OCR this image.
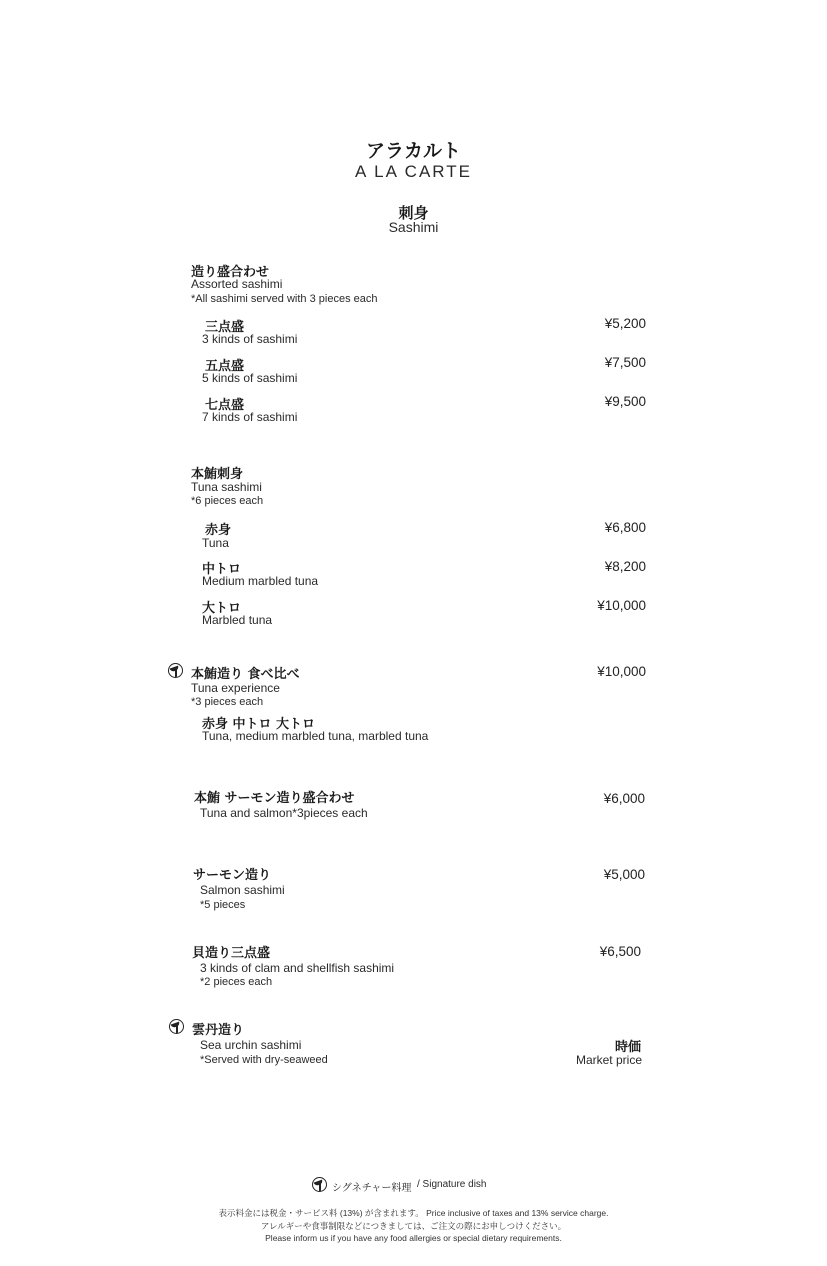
アラカルト
A LA CARTE
刺身
Sashimi
造り盛合わせ
Assorted sashimi
*All sashimi served with 3 pieces each
三点盛
3 kinds of sashimi
¥5,200
五点盛
5 kinds of sashimi
¥7,500
七点盛
7 kinds of sashimi
¥9,500
本鮪刺身
Tuna sashimi
*6 pieces each
赤身
Tuna
¥6,800
中トロ
Medium marbled tuna
¥8,200
大トロ
Marbled tuna
¥10,000
本鮪造り 食べ比べ
Tuna experience
*3 pieces each
赤身 中トロ 大トロ
Tuna, medium marbled tuna, marbled tuna
¥10,000
本鮪 サーモン造り盛合わせ
Tuna and salmon*3pieces each
¥6,000
サーモン造り
Salmon sashimi
*5 pieces
¥5,000
貝造り三点盛
3 kinds of clam and shellfish sashimi
*2 pieces each
¥6,500
雲丹造り
Sea urchin sashimi
*Served with dry-seaweed
時価
Market price
シグネチャー料理 / Signature dish
表示料金には税金・サービス料 (13%) が含まれます。 Price inclusive of taxes and 13% service charge.
アレルギーや食事制限などにつきましては、ご注文の際にお申しつけください。
Please inform us if you have any food allergies or special dietary requirements.
